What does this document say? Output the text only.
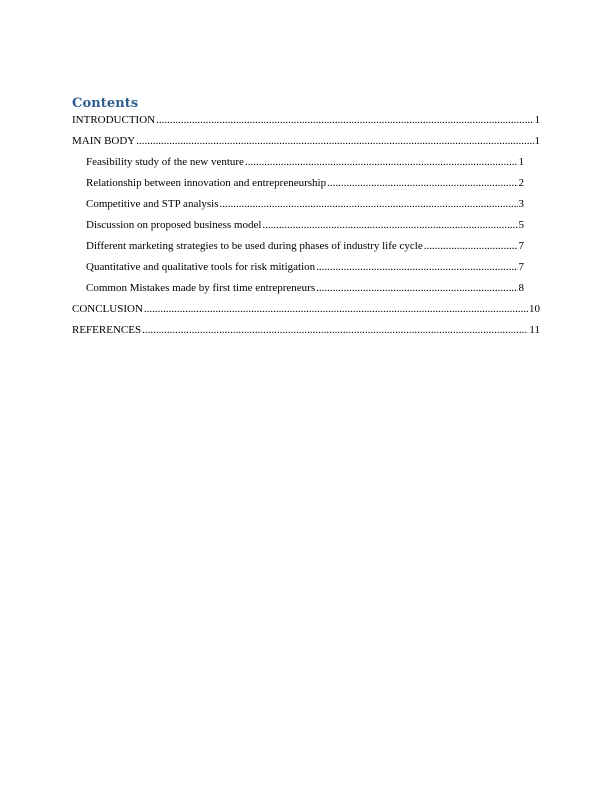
Contents
INTRODUCTION .....	1
MAIN BODY .....	1
Feasibility study of the new venture .....	1
Relationship between innovation and entrepreneurship .....	2
Competitive and STP analysis .....	3
Discussion on proposed business model .....	5
Different marketing strategies to be used during phases of industry life cycle .....	7
Quantitative and qualitative tools for risk mitigation .....	7
Common Mistakes made by first time entrepreneurs .....	8
CONCLUSION .....	10
REFERENCES .....	11
